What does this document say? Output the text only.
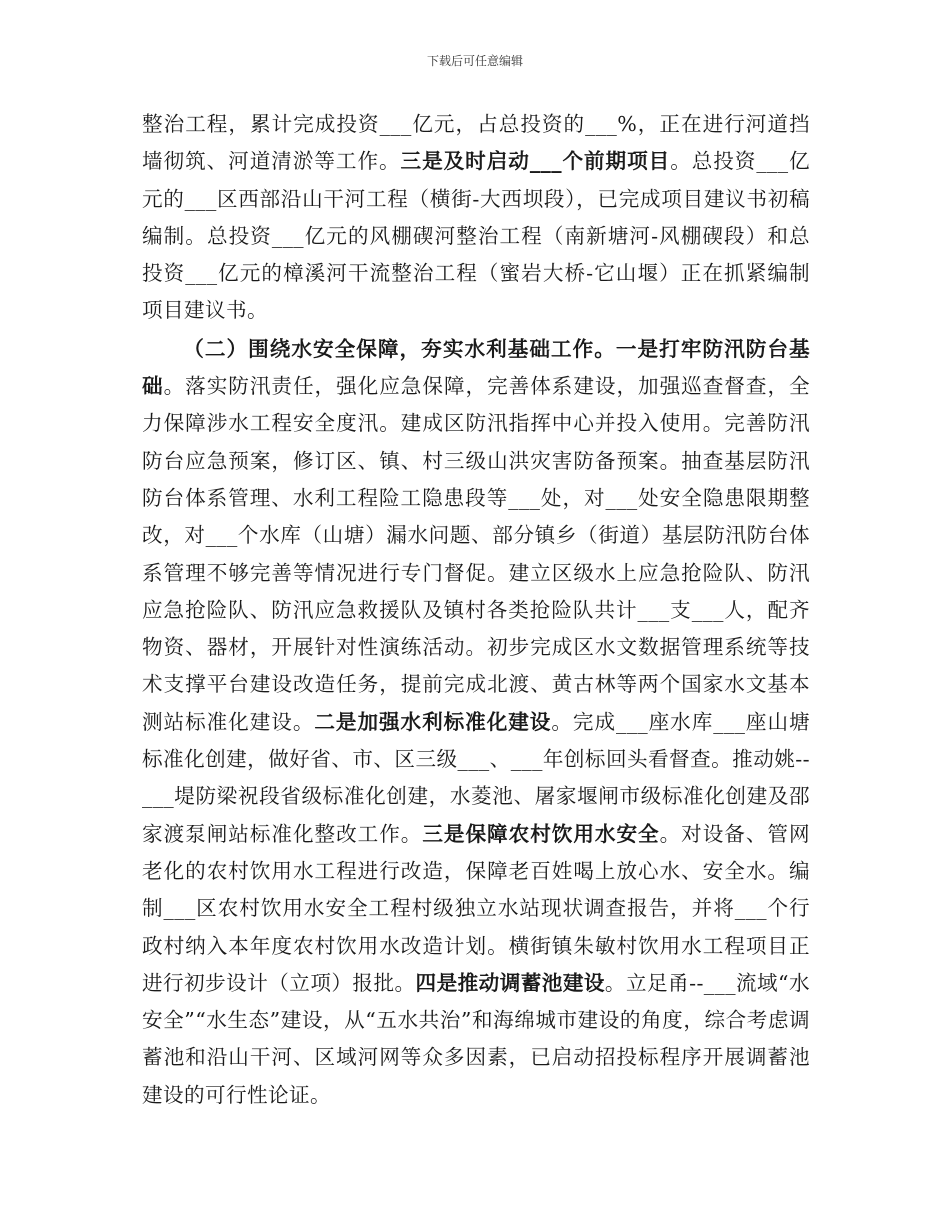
下载后可任意编辑

整治工程，累计完成投资___亿元，占总投资的___%，正在进行河道挡墙彻筑、河道清淤等工作。三是及时启动___个前期项目。总投资___亿元的___区西部沿山干河工程（横街-大西坝段），已完成项目建议书初稿编制。总投资___亿元的风棚碶河整治工程（南新塘河-风棚碶段）和总投资___亿元的樟溪河干流整治工程（蜜岩大桥-它山堰）正在抓紧编制项目建议书。

（二）围绕水安全保障，夯实水利基础工作。一是打牢防汛防台基础。落实防汛责任，强化应急保障，完善体系建设，加强巡查督查，全力保障涉水工程安全度汛。建成区防汛指挥中心并投入使用。完善防汛防台应急预案，修订区、镇、村三级山洪灾害防备预案。抽查基层防汛防台体系管理、水利工程险工隐患段等___处，对___处安全隐患限期整改，对___个水库（山塘）漏水问题、部分镇乡（街道）基层防汛防台体系管理不够完善等情况进行专门督促。建立区级水上应急抢险队、防汛应急抢险队、防汛应急救援队及镇村各类抢险队共计___支___人，配齐物资、器材，开展针对性演练活动。初步完成区水文数据管理系统等技术支撑平台建设改造任务，提前完成北渡、黄古林等两个国家水文基本测站标准化建设。二是加强水利标准化建设。完成___座水库___座山塘标准化创建，做好省、市、区三级___、___年创标回头看督查。推动姚--___堤防梁祝段省级标准化创建，水菱池、屠家堰闸市级标准化创建及邵家渡泵闸站标准化整改工作。三是保障农村饮用水安全。对设备、管网老化的农村饮用水工程进行改造，保障老百姓喝上放心水、安全水。编制___区农村饮用水安全工程村级独立水站现状调查报告，并将___个行政村纳入本年度农村饮用水改造计划。横街镇朱敏村饮用水工程项目正进行初步设计（立项）报批。四是推动调蓄池建设。立足甬--___流域“水安全”“水生态”建设，从“五水共治”和海绵城市建设的角度，综合考虑调蓄池和沿山干河、区域河网等众多因素，已启动招投标程序开展调蓄池建设的可行性论证。
